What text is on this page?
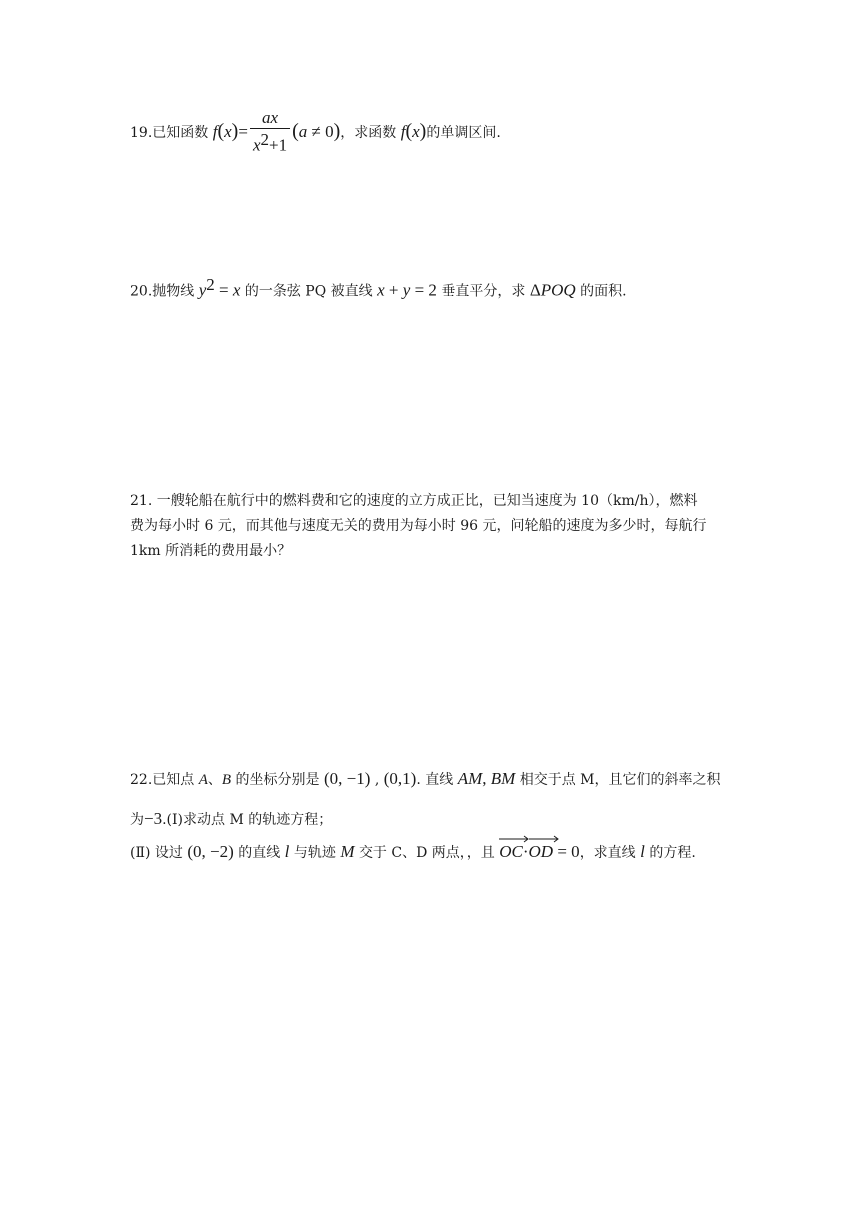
19.已知函数 $f(x)= \frac{ax}{x^2+1} (a \ne 0)$，求函数 f(x)的单调区间.
20.抛物线 $y^2 = x$ 的一条弦 PQ 被直线 x + y = 2 垂直平分，求 ΔPOQ 的面积.
21. 一艘轮船在航行中的燃料费和它的速度的立方成正比，已知当速度为 10（km/h），燃料
费为每小时 6 元，而其他与速度无关的费用为每小时 96 元，问轮船的速度为多少时，每航行
1km 所消耗的费用最小？
22.已知点 A、B 的坐标分别是 (0, −1) , (0,1). 直线 AM, BM 相交于点 M，且它们的斜率之积
为−3.(Ⅰ)求动点 M 的轨迹方程；
(Ⅱ) 设过 (0, −2) 的直线 l 与轨迹 M 交于 C、D 两点，，且 OC·
OD = 0，求直线 l 的方程.
